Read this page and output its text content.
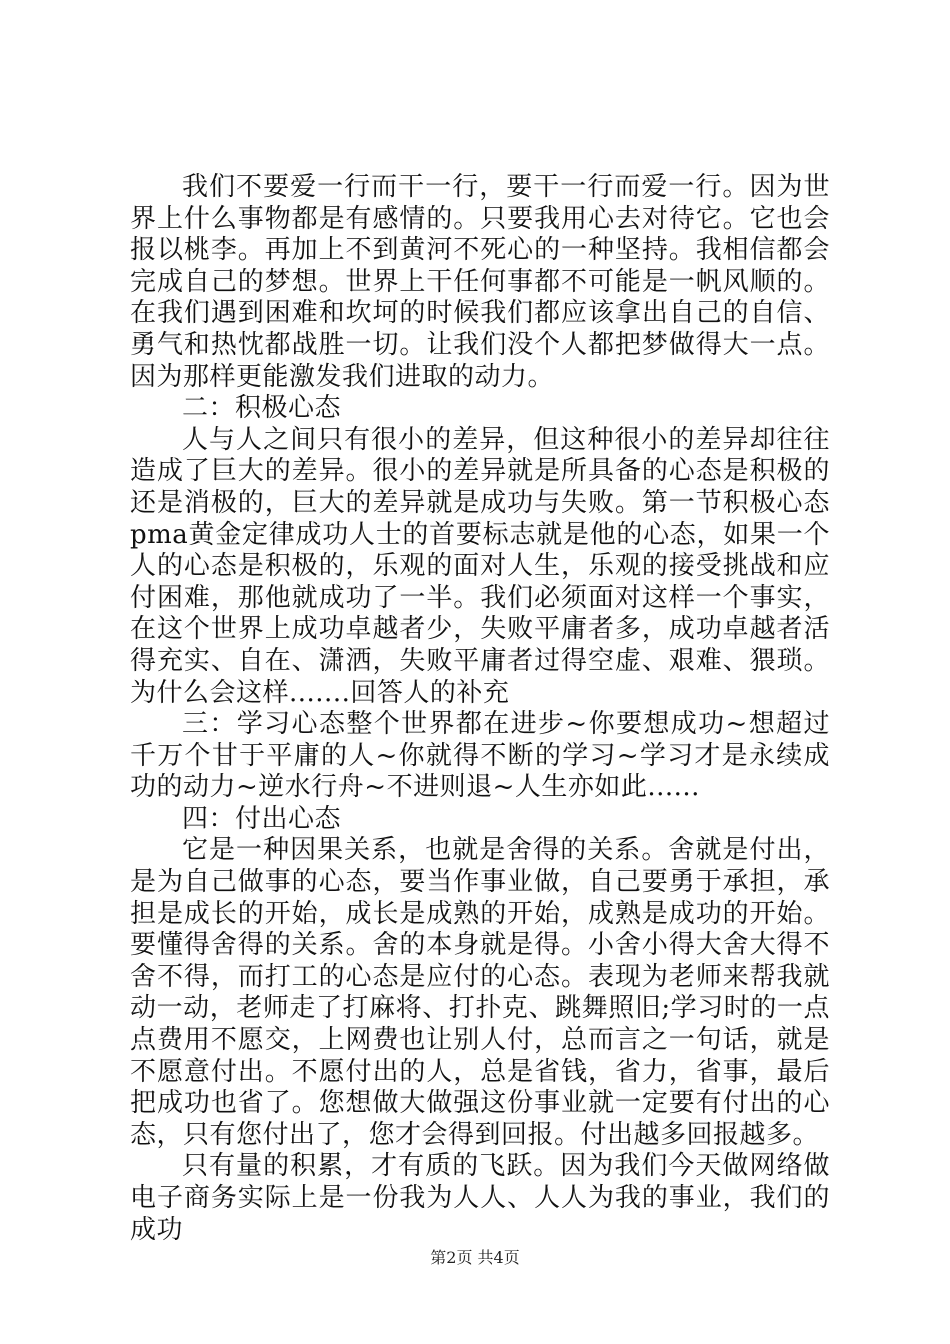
我们不要爱一行而干一行，要干一行而爱一行。因为世界上什么事物都是有感情的。只要我用心去对待它。它也会报以桃李。再加上不到黄河不死心的一种坚持。我相信都会完成自己的梦想。世界上干任何事都不可能是一帆风顺的。在我们遇到困难和坎坷的时候我们都应该拿出自己的自信、勇气和热忱都战胜一切。让我们没个人都把梦做得大一点。因为那样更能激发我们进取的动力。

二：积极心态

人与人之间只有很小的差异，但这种很小的差异却往往造成了巨大的差异。很小的差异就是所具备的心态是积极的还是消极的，巨大的差异就是成功与失败。第一节积极心态pma黄金定律成功人士的首要标志就是他的心态，如果一个人的心态是积极的，乐观的面对人生，乐观的接受挑战和应付困难，那他就成功了一半。我们必须面对这样一个事实，在这个世界上成功卓越者少，失败平庸者多，成功卓越者活得充实、自在、潇洒，失败平庸者过得空虚、艰难、猥琐。为什么会这样.......回答人的补充

三：学习心态整个世界都在进步~你要想成功~想超过千万个甘于平庸的人~你就得不断的学习~学习才是永续成功的动力~逆水行舟~不进则退~人生亦如此......

四：付出心态

它是一种因果关系，也就是舍得的关系。舍就是付出，是为自己做事的心态，要当作事业做，自己要勇于承担，承担是成长的开始，成长是成熟的开始，成熟是成功的开始。要懂得舍得的关系。舍的本身就是得。小舍小得大舍大得不舍不得，而打工的心态是应付的心态。表现为老师来帮我就动一动，老师走了打麻将、打扑克、跳舞照旧;学习时的一点点费用不愿交，上网费也让别人付，总而言之一句话，就是不愿意付出。不愿付出的人，总是省钱，省力，省事，最后把成功也省了。您想做大做强这份事业就一定要有付出的心态，只有您付出了，您才会得到回报。付出越多回报越多。

只有量的积累，才有质的飞跃。因为我们今天做网络做电子商务实际上是一份我为人人、人人为我的事业，我们的成功

第2页 共4页
